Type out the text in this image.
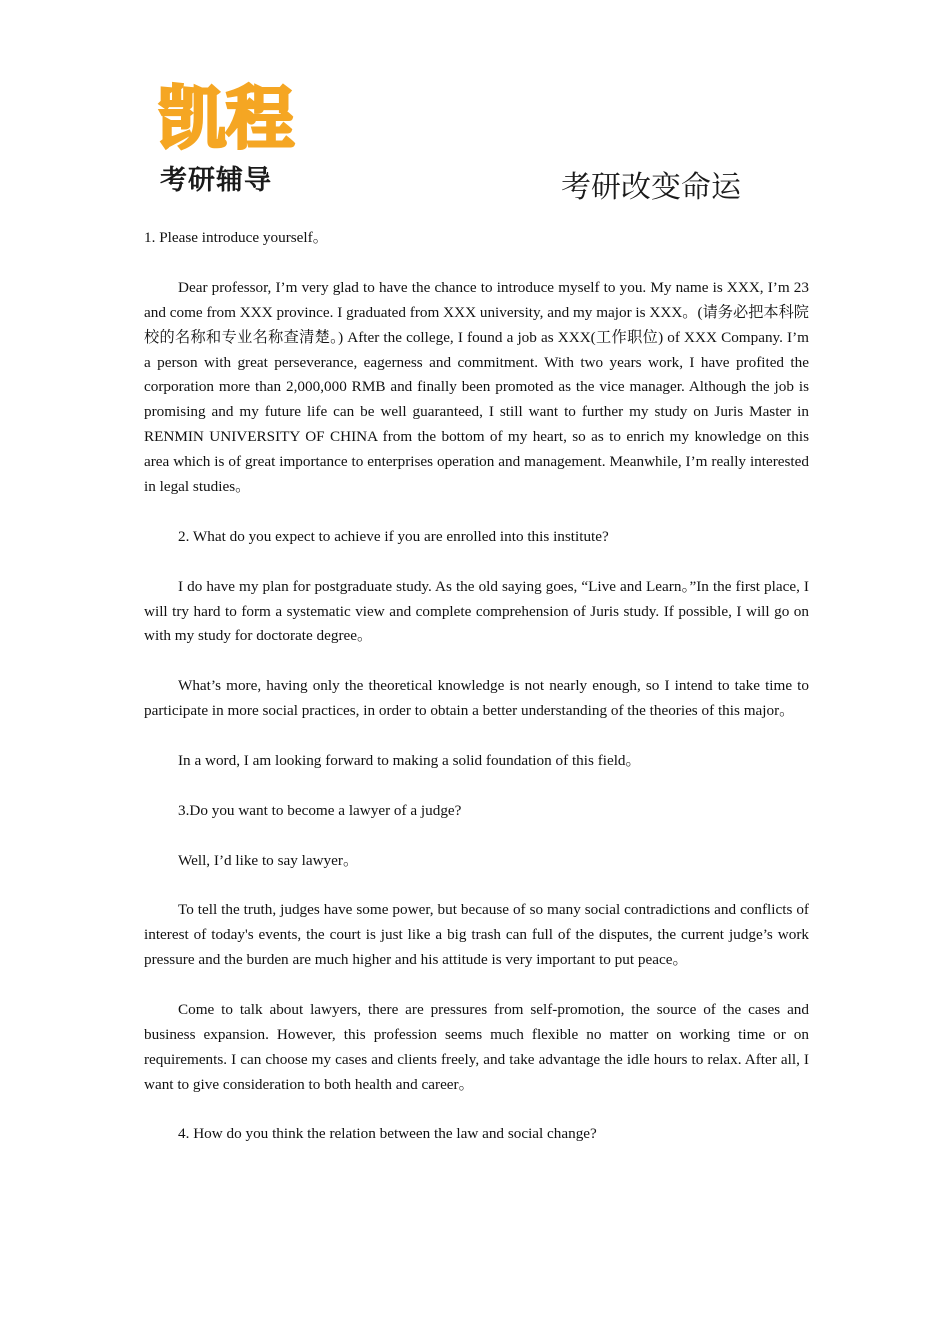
凯程
考研辅导	考研改变命运

1. Please introduce yourself。

Dear professor, I’m very glad to have the chance to introduce myself to you. My name is XXX, I’m 23 and come from XXX province. I graduated from XXX university, and my major is XXX。(请务必把本科院校的名称和专业名称查清楚。) After the college, I found a job as XXX(工作职位) of XXX Company. I’m a person with great perseverance, eagerness and commitment. With two years work, I have profited the corporation more than 2,000,000 RMB and finally been promoted as the vice manager. Although the job is promising and my future life can be well guaranteed, I still want to further my study on Juris Master in RENMIN UNIVERSITY OF CHINA from the bottom of my heart, so as to enrich my knowledge on this area which is of great importance to enterprises operation and management. Meanwhile, I’m really interested in legal studies。

2. What do you expect to achieve if you are enrolled into this institute?

I do have my plan for postgraduate study. As the old saying goes, “Live and Learn。”In the first place, I will try hard to form a systematic view and complete comprehension of Juris study. If possible, I will go on with my study for doctorate degree。

What’s more, having only the theoretical knowledge is not nearly enough, so I intend to take time to participate in more social practices, in order to obtain a better understanding of the theories of this major。

In a word, I am looking forward to making a solid foundation of this field。

3.Do you want to become a lawyer of a judge?

Well, I’d like to say lawyer。

To tell the truth, judges have some power, but because of so many social contradictions and conflicts of interest of today's events, the court is just like a big trash can full of the disputes, the current judge’s work pressure and the burden are much higher and his attitude is very important to put peace。

Come to talk about lawyers, there are pressures from self-promotion, the source of the cases and business expansion. However, this profession seems much flexible no matter on working time or on requirements. I can choose my cases and clients freely, and take advantage the idle hours to relax. After all, I want to give consideration to both health and career。

4. How do you think the relation between the law and social change?
